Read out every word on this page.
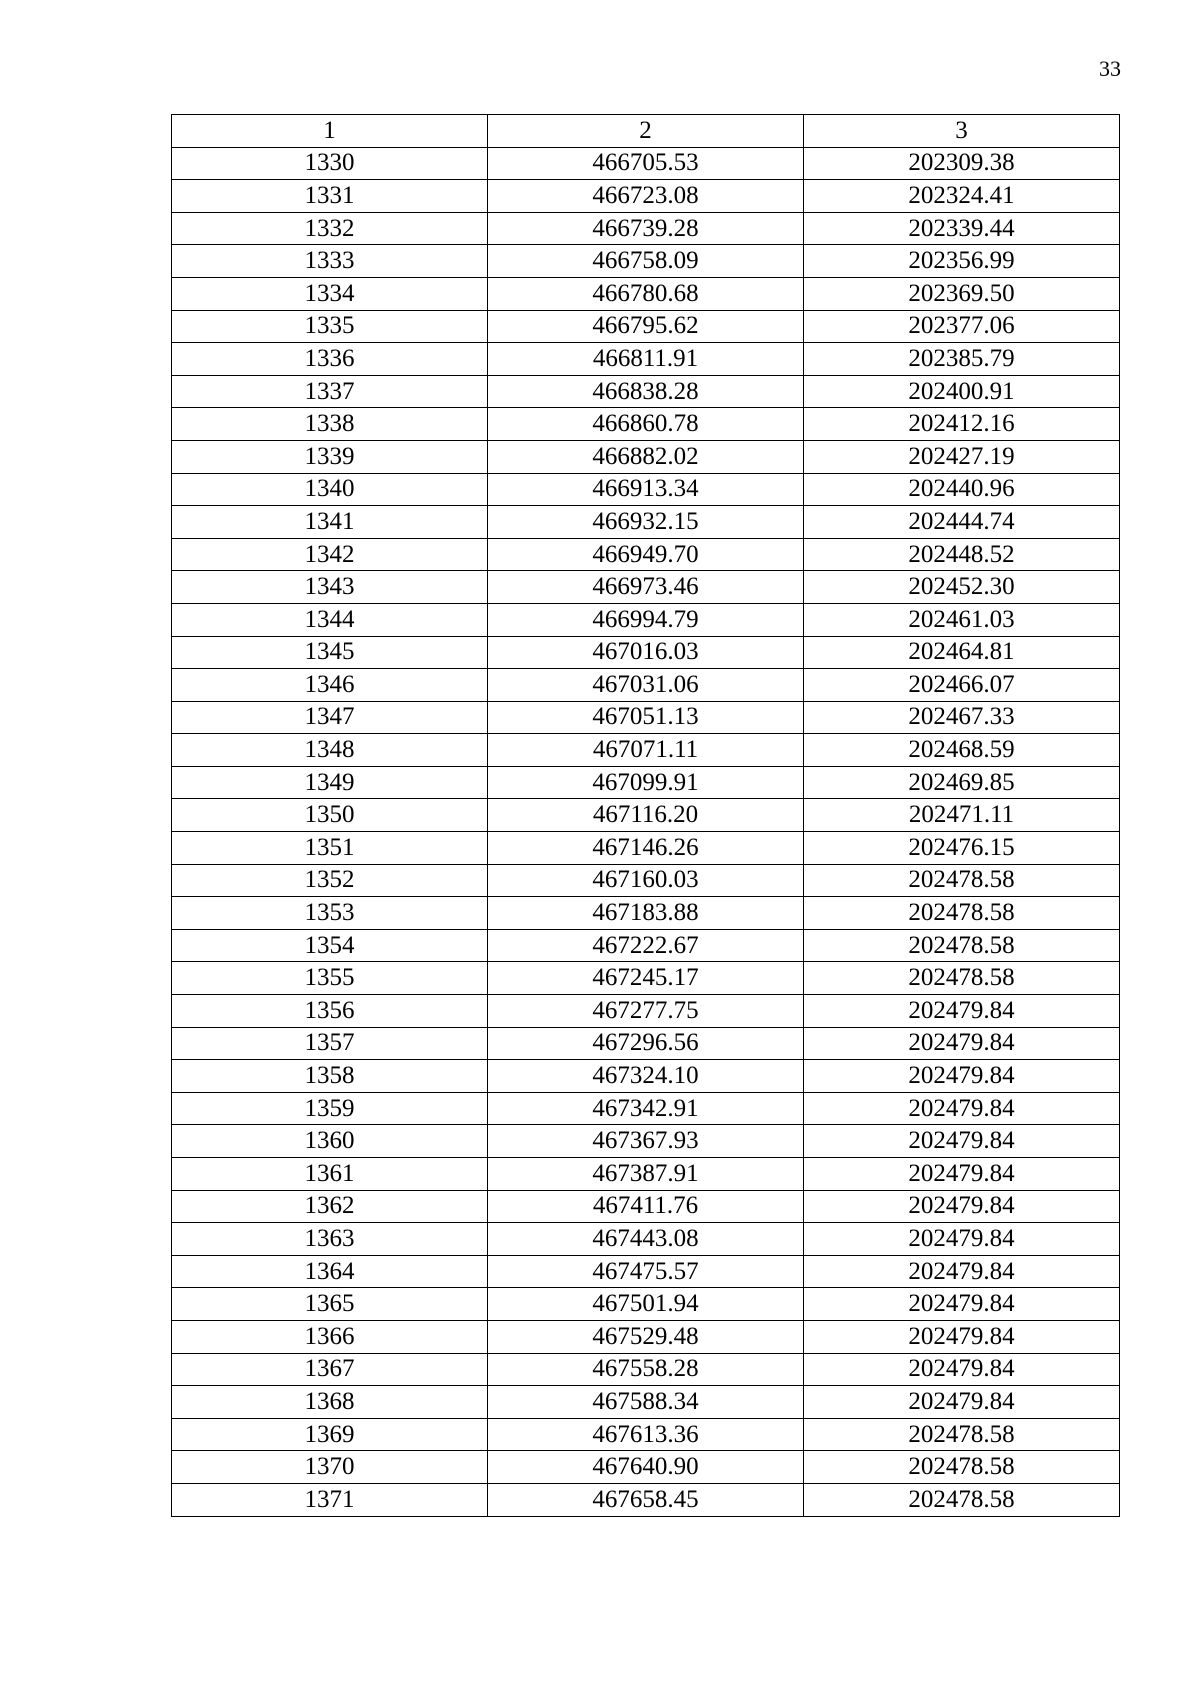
33
1	2	3
1330	466705.53	202309.38
1331	466723.08	202324.41
1332	466739.28	202339.44
1333	466758.09	202356.99
1334	466780.68	202369.50
1335	466795.62	202377.06
1336	466811.91	202385.79
1337	466838.28	202400.91
1338	466860.78	202412.16
1339	466882.02	202427.19
1340	466913.34	202440.96
1341	466932.15	202444.74
1342	466949.70	202448.52
1343	466973.46	202452.30
1344	466994.79	202461.03
1345	467016.03	202464.81
1346	467031.06	202466.07
1347	467051.13	202467.33
1348	467071.11	202468.59
1349	467099.91	202469.85
1350	467116.20	202471.11
1351	467146.26	202476.15
1352	467160.03	202478.58
1353	467183.88	202478.58
1354	467222.67	202478.58
1355	467245.17	202478.58
1356	467277.75	202479.84
1357	467296.56	202479.84
1358	467324.10	202479.84
1359	467342.91	202479.84
1360	467367.93	202479.84
1361	467387.91	202479.84
1362	467411.76	202479.84
1363	467443.08	202479.84
1364	467475.57	202479.84
1365	467501.94	202479.84
1366	467529.48	202479.84
1367	467558.28	202479.84
1368	467588.34	202479.84
1369	467613.36	202478.58
1370	467640.90	202478.58
1371	467658.45	202478.58
